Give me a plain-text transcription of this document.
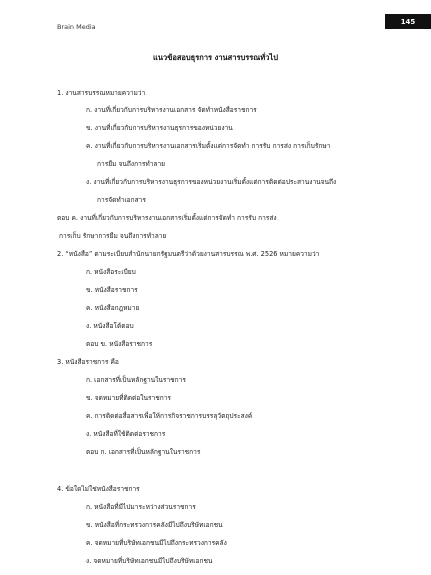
Brain Media
145
แนวข้อสอบธุรการ งานสารบรรณทั่วไป
1. งานสารบรรณหมายความว่า
ก. งานที่เกี่ยวกับการบริหารงานเอกสาร จัดทำหนังสือราชการ
ข. งานที่เกี่ยวกับการบริหารงานธุรการของหน่วยงาน
ค. งานที่เกี่ยวกับการบริหารงานเอกสารเริ่มตั้งแต่การจัดทำ การรับ การส่ง การเก็บรักษา
การยืม จนถึงการทำลาย
ง. งานที่เกี่ยวกับการบริหารงานธุรการของหน่วยงานเริ่มตั้งแต่การติดต่อประสานงานจนถึง
การจัดทำเอกสาร
ตอบ ค. งานที่เกี่ยวกับการบริหารงานเอกสารเริ่มตั้งแต่การจัดทำ การรับ การส่ง
การเก็บ รักษาการยืม จนถึงการทำลาย
2. “หนังสือ” ตามระเบียบสำนักนายกรัฐมนตรีว่าด้วยงานสารบรรณ พ.ศ. 2526 หมายความว่า
ก. หนังสือระเบียบ
ข. หนังสือราชการ
ค. หนังสือกฎหมาย
ง. หนังสือโต้ตอบ
ตอบ ข. หนังสือราชการ
3. หนังสือราชการ คือ
ก. เอกสารที่เป็นหลักฐานในราชการ
ข. จดหมายที่ติดต่อในราชการ
ค. การติดต่อสื่อสารเพื่อให้การกิจราชการบรรลุวัตถุประสงค์
ง. หนังสือที่ใช้ติดต่อราชการ
ตอบ ก. เอกสารที่เป็นหลักฐานในราชการ
4. ข้อใดไม่ใช่หนังสือราชการ
ก. หนังสือที่มีไปมาระหว่างส่วนราชการ
ข. หนังสือที่กระทรวงการคลังมีไปถึงบริษัทเอกชน
ค. จดหมายที่บริษัทเอกชนมีไปถึงกระทรวงการคลัง
ง. จดหมายที่บริษัทเอกชนมีไปถึงบริษัทเอกชน
